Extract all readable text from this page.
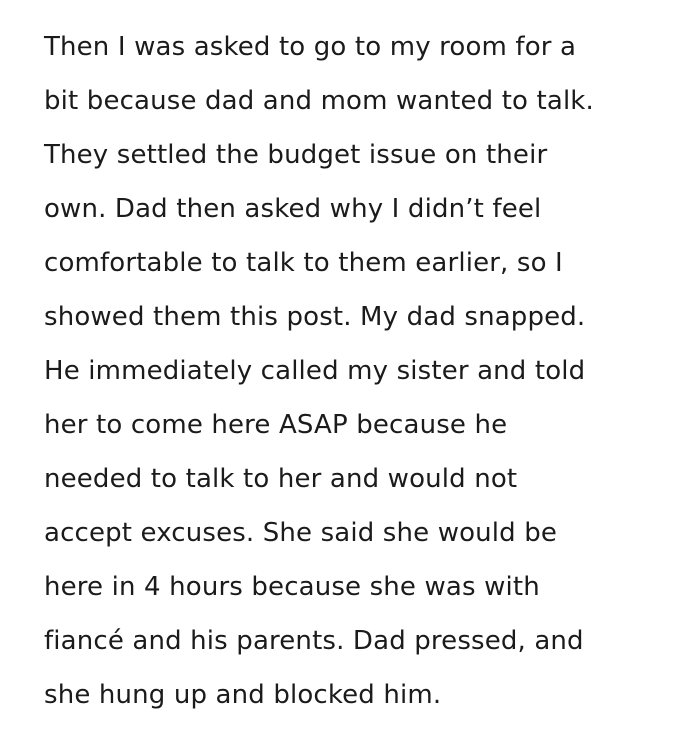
Then I was asked to go to my room for a
bit because dad and mom wanted to talk.
They settled the budget issue on their
own. Dad then asked why I didn’t feel
comfortable to talk to them earlier, so I
showed them this post. My dad snapped.
He immediately called my sister and told
her to come here ASAP because he
needed to talk to her and would not
accept excuses. She said she would be
here in 4 hours because she was with
fiancé and his parents. Dad pressed, and
she hung up and blocked him.
